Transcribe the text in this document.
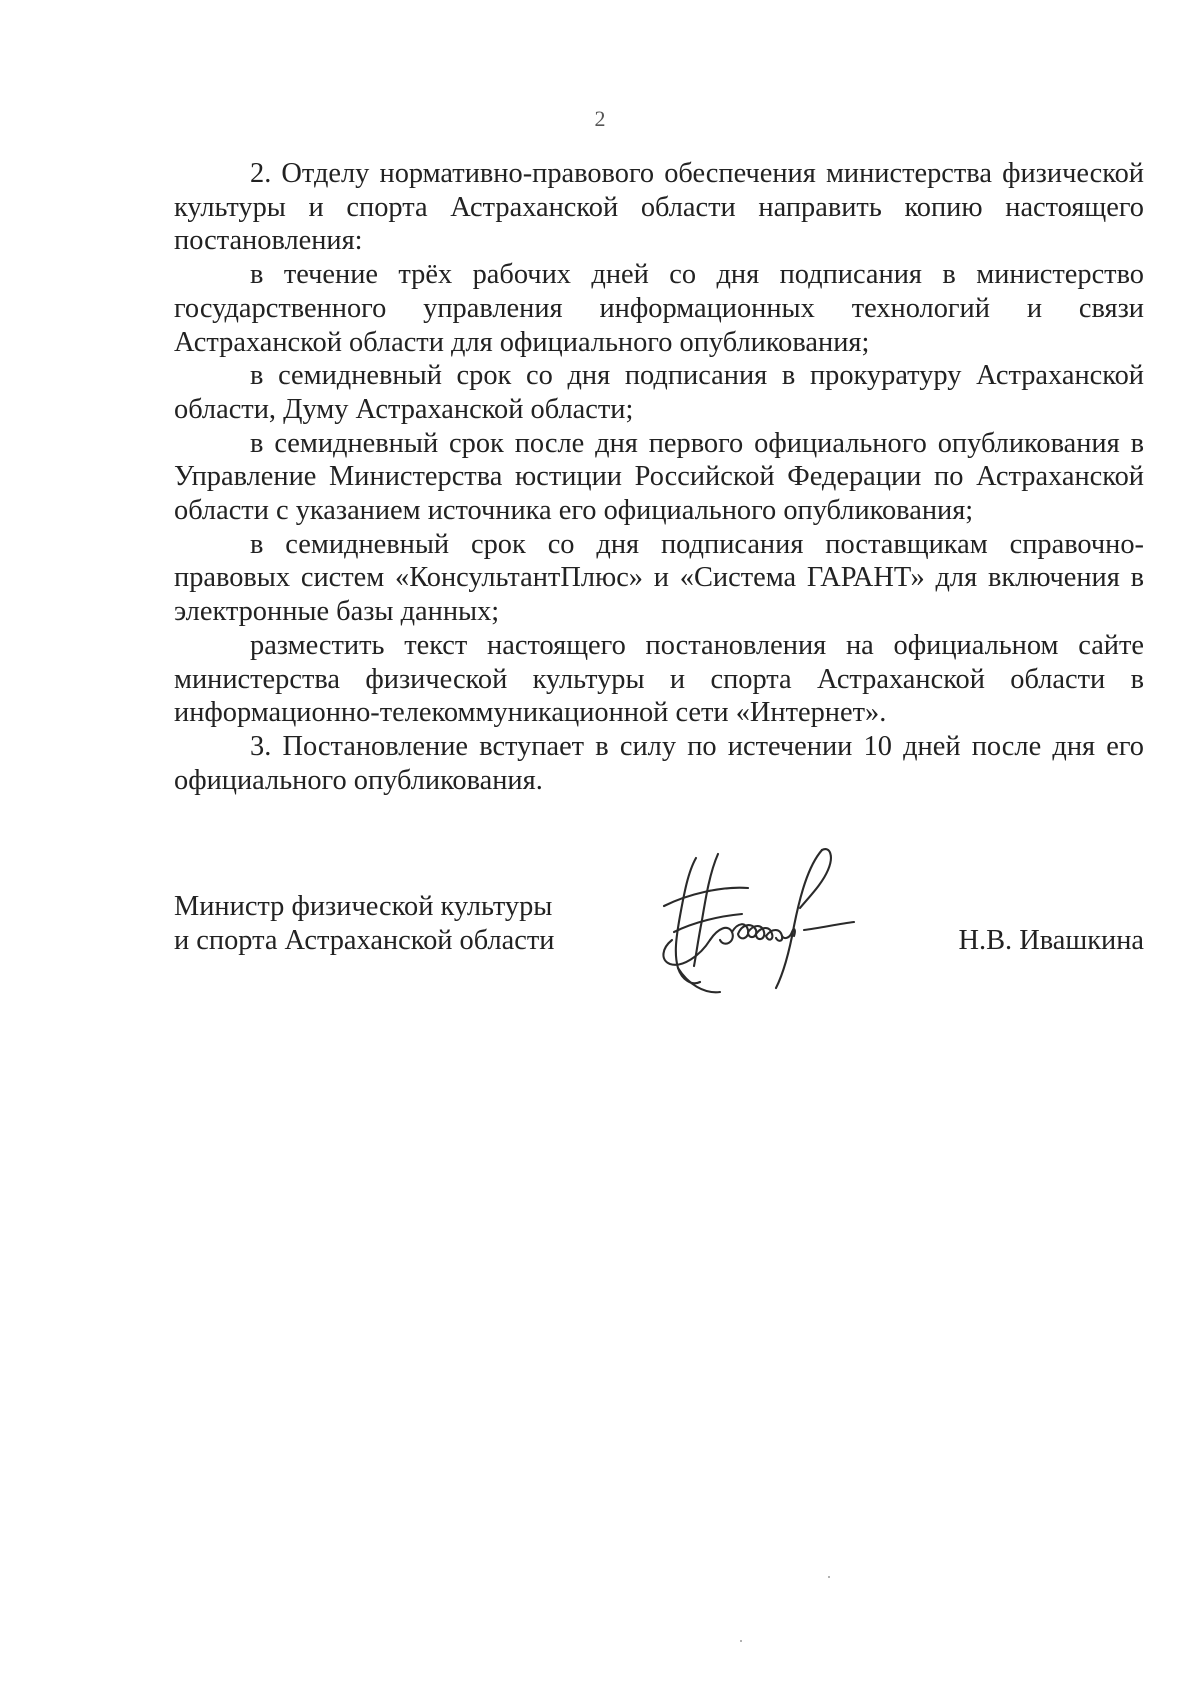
2

2. Отделу нормативно-правового обеспечения министерства физической культуры и спорта Астраханской области направить копию настоящего постановления:

в течение трёх рабочих дней со дня подписания в министерство государственного управления информационных технологий и связи Астраханской области для официального опубликования;

в семидневный срок со дня подписания в прокуратуру Астраханской области, Думу Астраханской области;

в семидневный срок после дня первого официального опубликования в Управление Министерства юстиции Российской Федерации по Астраханской области с указанием источника его официального опубликования;

в семидневный срок со дня подписания поставщикам справочно-правовых систем «КонсультантПлюс» и «Система ГАРАНТ» для включения в электронные базы данных;

разместить текст настоящего постановления на официальном сайте министерства физической культуры и спорта Астраханской области в информационно-телекоммуникационной сети «Интернет».

3. Постановление вступает в силу по истечении 10 дней после дня его официального опубликования.

Министр физической культуры
и спорта Астраханской области	Н.В. Ивашкина
